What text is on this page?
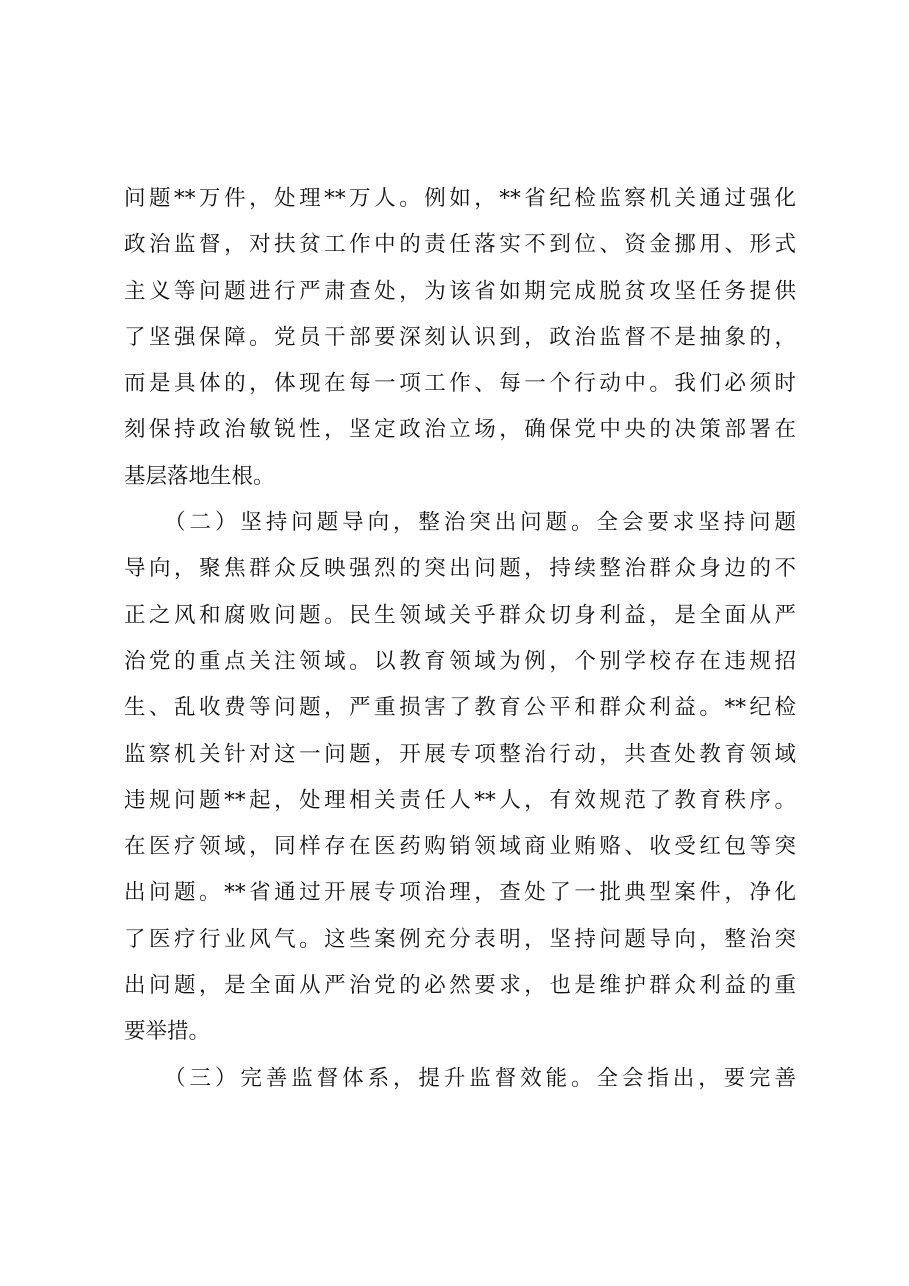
问题**万件，处理**万人。例如，**省纪检监察机关通过强化
政治监督，对扶贫工作中的责任落实不到位、资金挪用、形式
主义等问题进行严肃查处，为该省如期完成脱贫攻坚任务提供
了坚强保障。党员干部要深刻认识到，政治监督不是抽象的，
而是具体的，体现在每一项工作、每一个行动中。我们必须时
刻保持政治敏锐性，坚定政治立场，确保党中央的决策部署在
基层落地生根。
　　（二）坚持问题导向，整治突出问题。全会要求坚持问题
导向，聚焦群众反映强烈的突出问题，持续整治群众身边的不
正之风和腐败问题。民生领域关乎群众切身利益，是全面从严
治党的重点关注领域。以教育领域为例，个别学校存在违规招
生、乱收费等问题，严重损害了教育公平和群众利益。**纪检
监察机关针对这一问题，开展专项整治行动，共查处教育领域
违规问题**起，处理相关责任人**人，有效规范了教育秩序。
在医疗领域，同样存在医药购销领域商业贿赂、收受红包等突
出问题。**省通过开展专项治理，查处了一批典型案件，净化
了医疗行业风气。这些案例充分表明，坚持问题导向，整治突
出问题，是全面从严治党的必然要求，也是维护群众利益的重
要举措。
　　（三）完善监督体系，提升监督效能。全会指出，要完善
